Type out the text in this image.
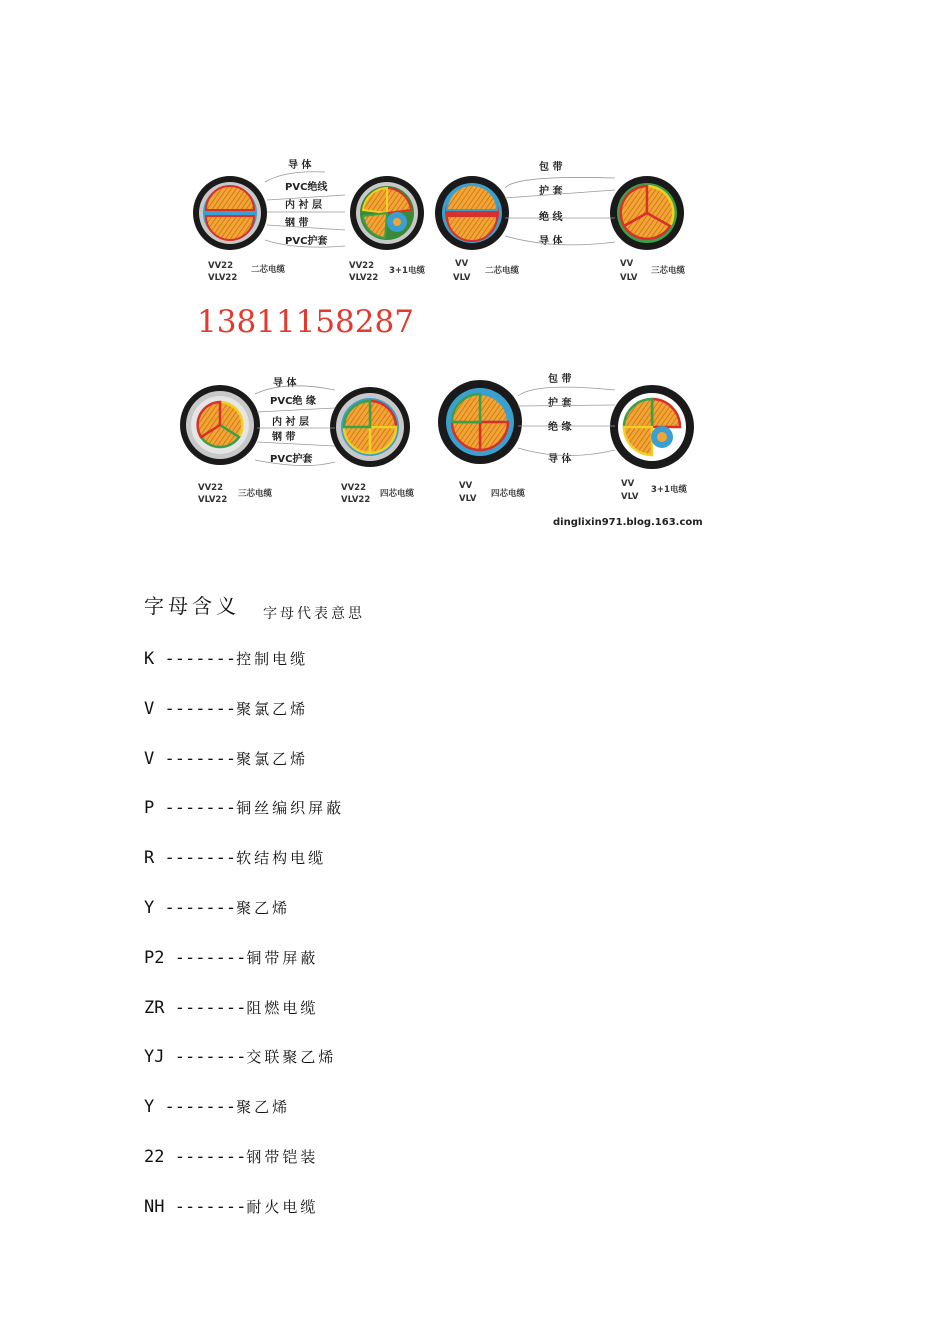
导 体
PVC绝线
内 衬 层
钢 带
PVC护套
VV22
VLV22
二芯电缆	VV22
VLV22
3+1电缆
包 带
护 套
绝 线
导 体
VV
VLV
二芯电缆
VV
VLV
三芯电缆
13811158287
导 体
PVC绝 缘
内 衬 层
钢 带
PVC护套
VV22
VLV22
三芯电缆
VV22
VLV22
四芯电缆
包 带
护 套
绝 缘
导 体
VV
VLV 四芯电缆
VV
VLV
3+1电缆
dinglixin971.blog.163.com
字母含义 字母代表意思
K -------控制电缆
V -------聚氯乙烯
V -------聚氯乙烯
P -------铜丝编织屏蔽
R -------软结构电缆
Y -------聚乙烯
P2 -------铜带屏蔽
ZR -------阻燃电缆
YJ -------交联聚乙烯
Y -------聚乙烯
22 -------钢带铠装
NH -------耐火电缆
